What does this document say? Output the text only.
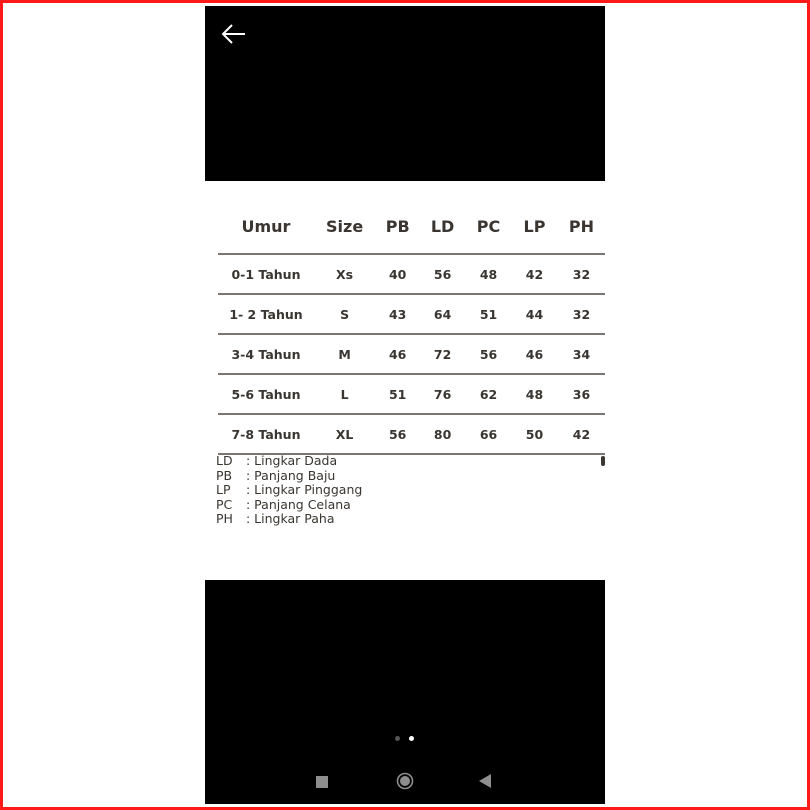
Umur	Size	PB	LD	PC	LP	PH
0-1 Tahun	Xs	40	56	48	42	32
1- 2 Tahun	S	43	64	51	44	32
3-4 Tahun	M	46	72	56	46	34
5-6 Tahun	L	51	76	62	48	36
7-8 Tahun	XL	56	80	66	50	42
LD : Lingkar Dada
PB : Panjang Baju
LP : Lingkar Pinggang
PC : Panjang Celana
PH : Lingkar Paha
